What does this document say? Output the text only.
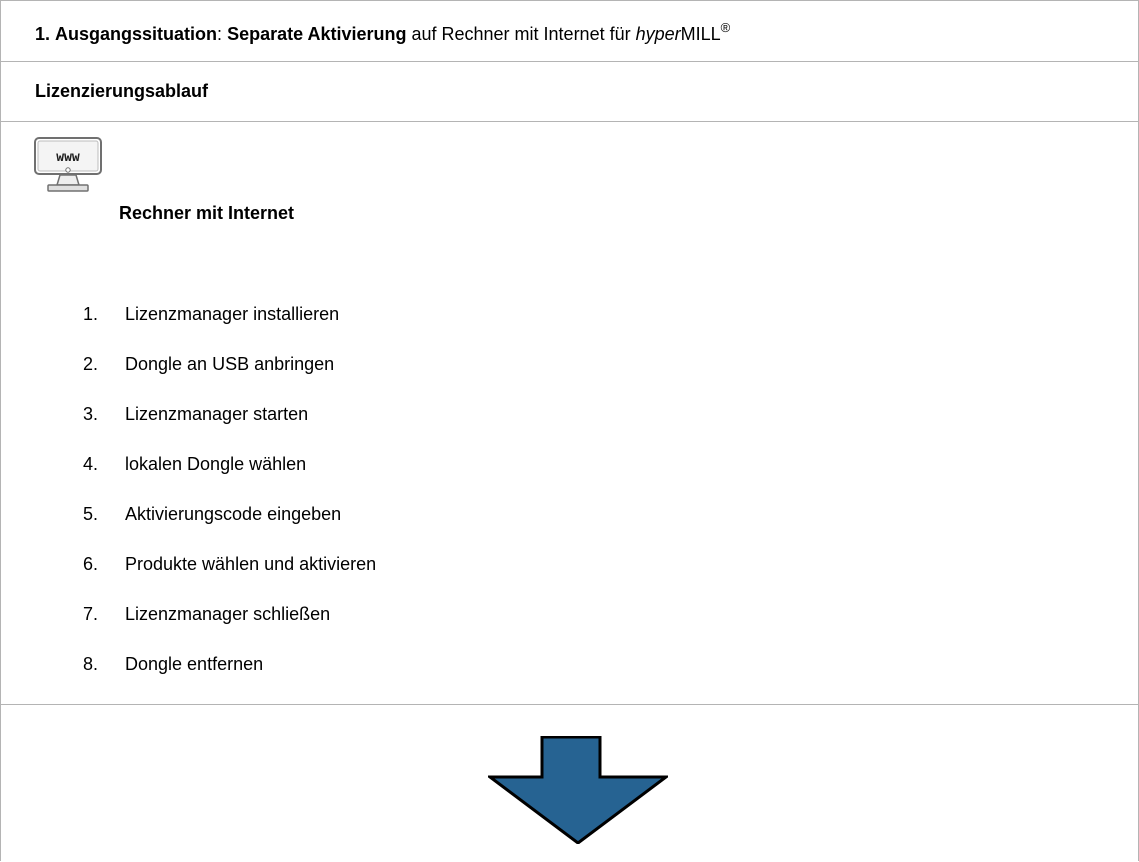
1. Ausgangssituation: Separate Aktivierung auf Rechner mit Internet für hyperMILL®
Lizenzierungsablauf
www
Rechner mit Internet
1.	Lizenzmanager installieren
2.	Dongle an USB anbringen
3.	Lizenzmanager starten
4.	lokalen Dongle wählen
5.	Aktivierungscode eingeben
6.	Produkte wählen und aktivieren
7.	Lizenzmanager schließen
8.	Dongle entfernen
